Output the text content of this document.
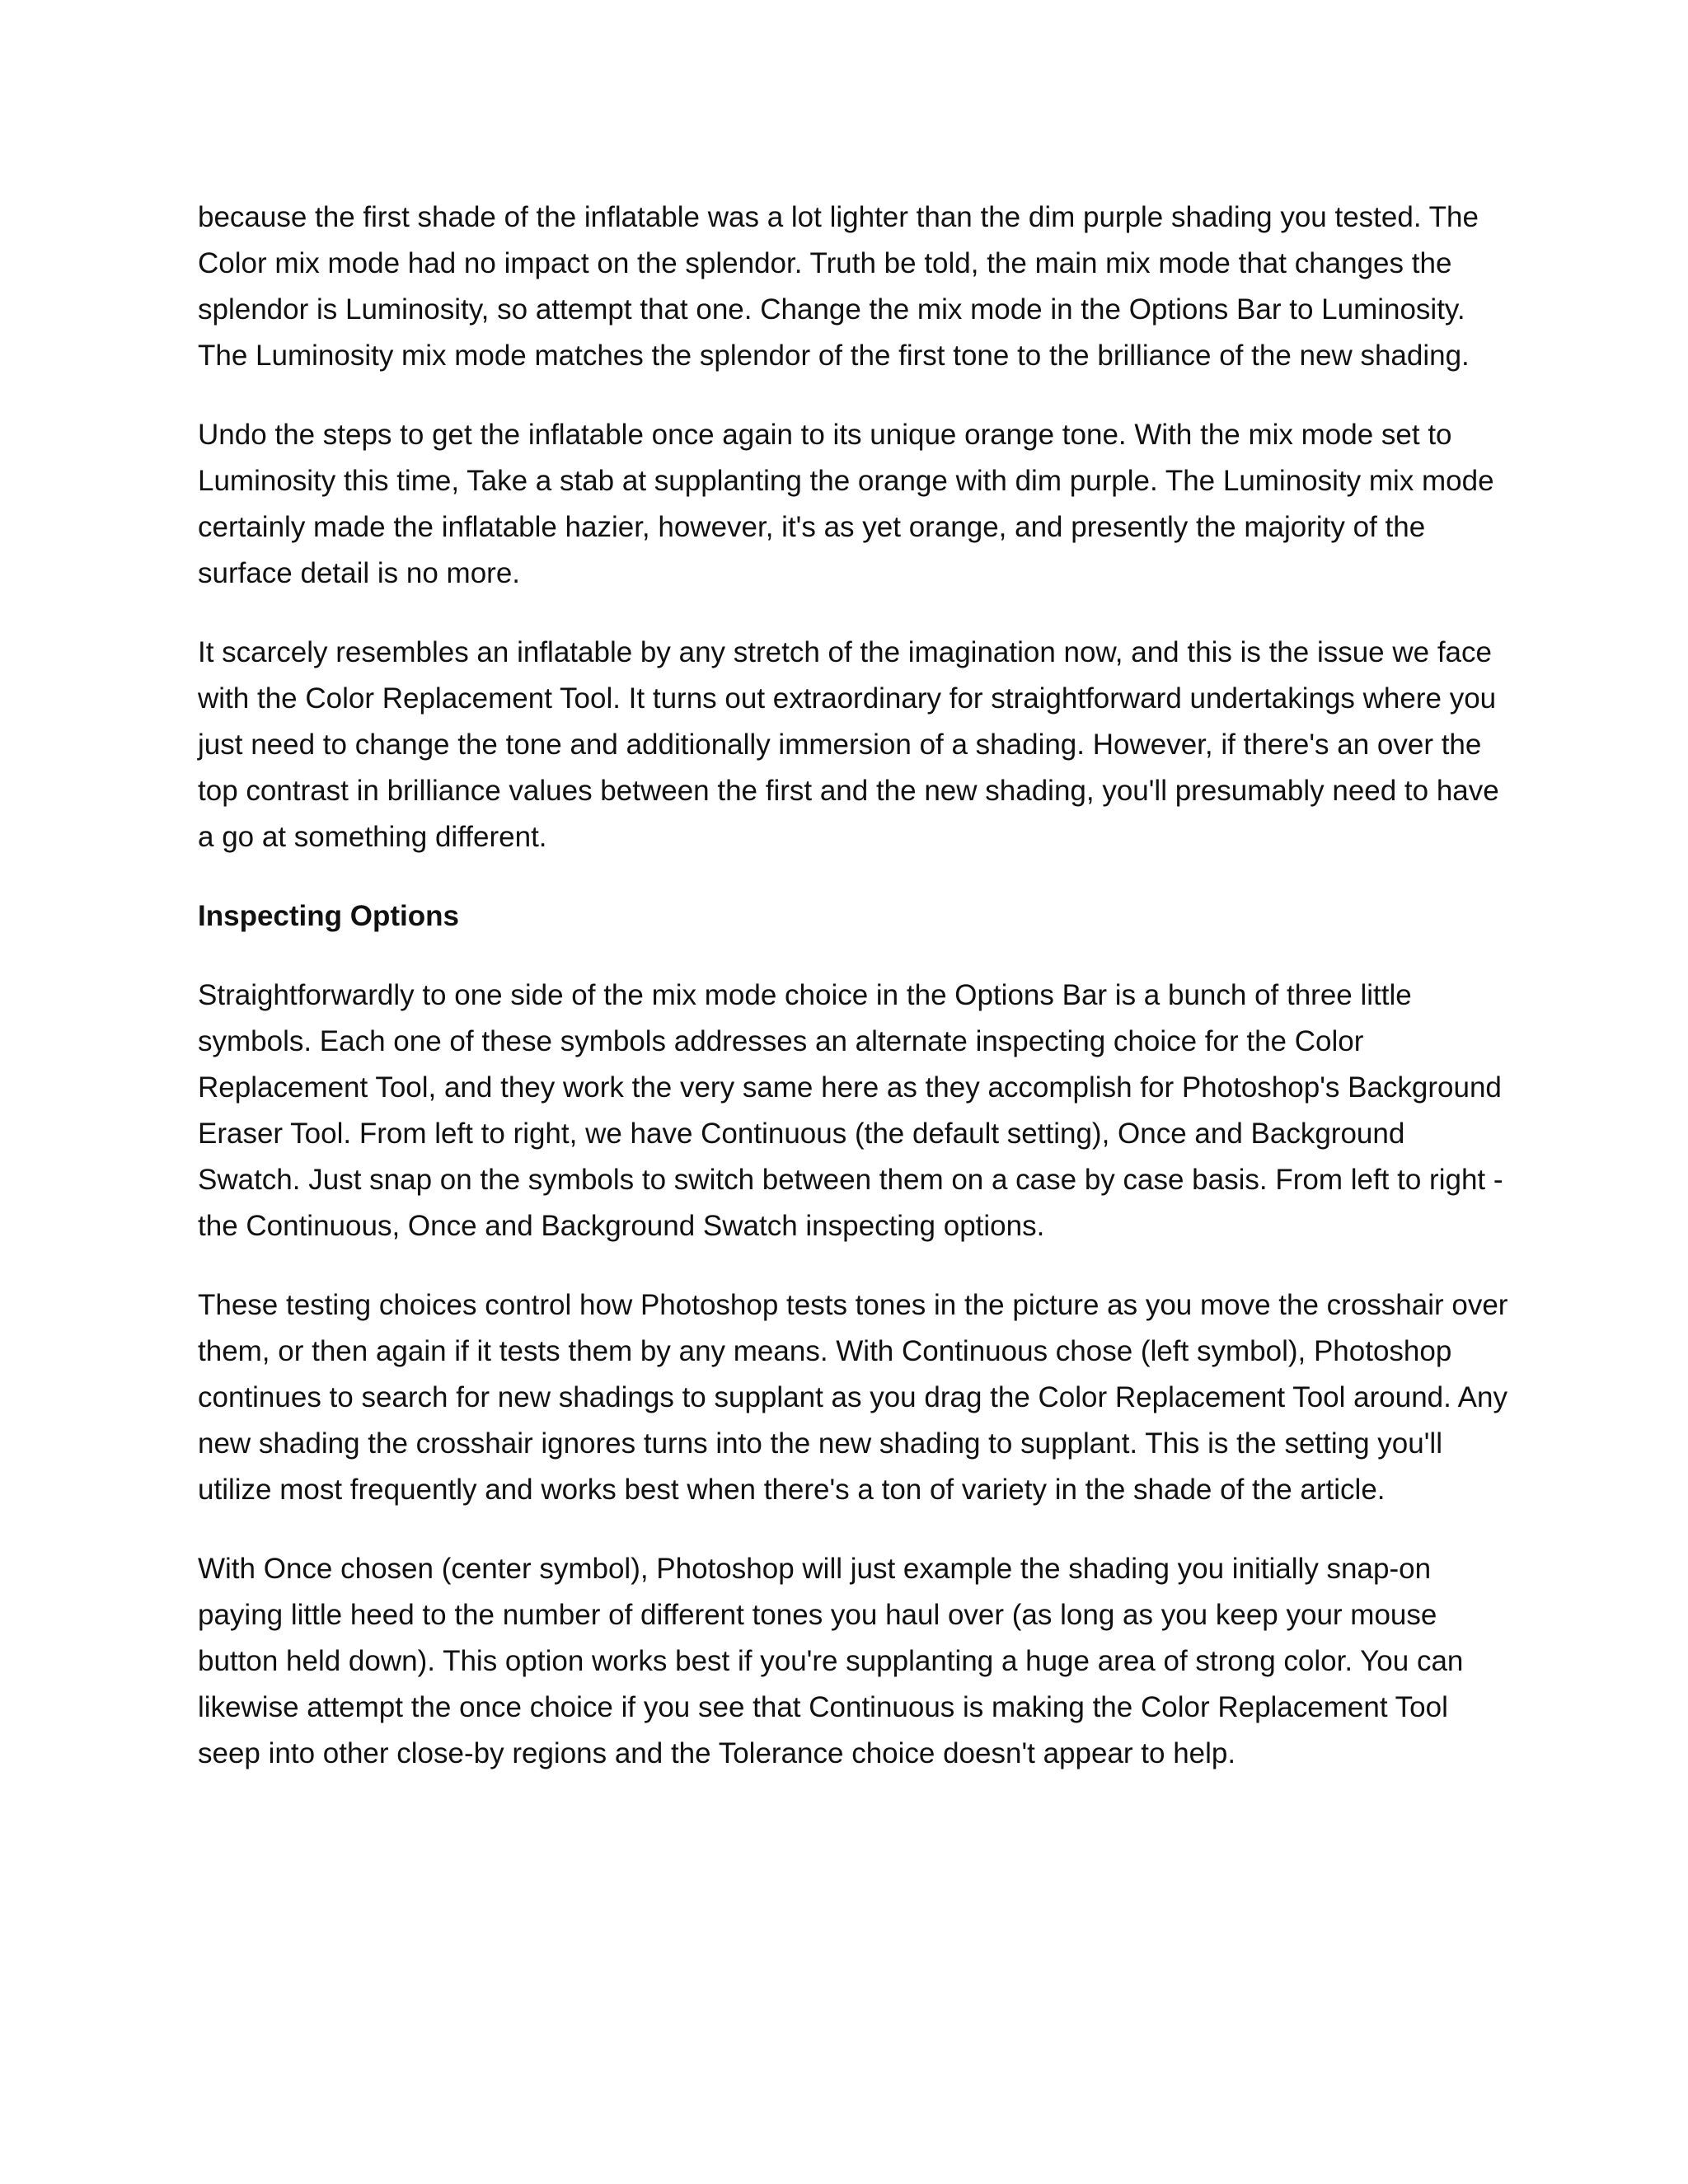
because the first shade of the inflatable was a lot lighter than the dim purple shading you tested. The Color mix mode had no impact on the splendor. Truth be told, the main mix mode that changes the splendor is Luminosity, so attempt that one. Change the mix mode in the Options Bar to Luminosity. The Luminosity mix mode matches the splendor of the first tone to the brilliance of the new shading.

Undo the steps to get the inflatable once again to its unique orange tone. With the mix mode set to Luminosity this time, Take a stab at supplanting the orange with dim purple. The Luminosity mix mode certainly made the inflatable hazier, however, it's as yet orange, and presently the majority of the surface detail is no more.

It scarcely resembles an inflatable by any stretch of the imagination now, and this is the issue we face with the Color Replacement Tool. It turns out extraordinary for straightforward undertakings where you just need to change the tone and additionally immersion of a shading. However, if there's an over the top contrast in brilliance values between the first and the new shading, you'll presumably need to have a go at something different.

Inspecting Options

Straightforwardly to one side of the mix mode choice in the Options Bar is a bunch of three little symbols. Each one of these symbols addresses an alternate inspecting choice for the Color Replacement Tool, and they work the very same here as they accomplish for Photoshop's Background Eraser Tool. From left to right, we have Continuous (the default setting), Once and Background Swatch. Just snap on the symbols to switch between them on a case by case basis. From left to right - the Continuous, Once and Background Swatch inspecting options.

These testing choices control how Photoshop tests tones in the picture as you move the crosshair over them, or then again if it tests them by any means. With Continuous chose (left symbol), Photoshop continues to search for new shadings to supplant as you drag the Color Replacement Tool around. Any new shading the crosshair ignores turns into the new shading to supplant. This is the setting you'll utilize most frequently and works best when there's a ton of variety in the shade of the article.

With Once chosen (center symbol), Photoshop will just example the shading you initially snap-on paying little heed to the number of different tones you haul over (as long as you keep your mouse button held down). This option works best if you're supplanting a huge area of strong color. You can likewise attempt the once choice if you see that Continuous is making the Color Replacement Tool seep into other close-by regions and the Tolerance choice doesn't appear to help.
